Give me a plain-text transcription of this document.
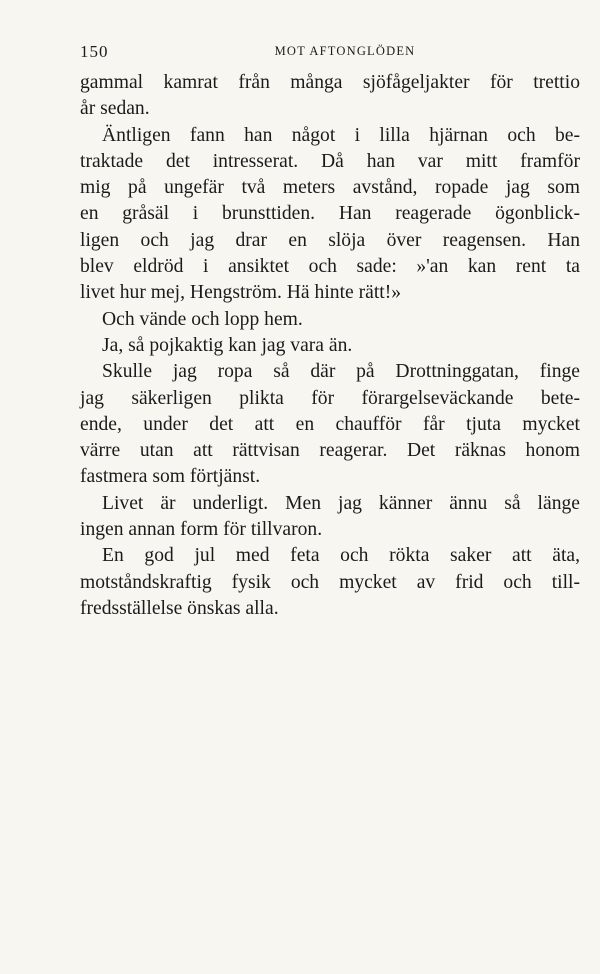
150	MOT AFTONGLÖDEN
gammal kamrat från många sjöfågeljakter för trettio
år sedan.
Äntligen fann han något i lilla hjärnan och be-
traktade det intresserat. Då han var mitt framför
mig på ungefär två meters avstånd, ropade jag som
en gråsäl i brunsttiden. Han reagerade ögonblick-
ligen och jag drar en slöja över reagensen. Han
blev eldröd i ansiktet och sade: »'an kan rent ta
livet hur mej, Hengström. Hä hinte rätt!»
Och vände och lopp hem.
Ja, så pojkaktig kan jag vara än.
Skulle jag ropa så där på Drottninggatan, finge
jag säkerligen plikta för förargelseväckande bete-
ende, under det att en chaufför får tjuta mycket
värre utan att rättvisan reagerar. Det räknas honom
fastmera som förtjänst.
Livet är underligt. Men jag känner ännu så länge
ingen annan form för tillvaron.
En god jul med feta och rökta saker att äta,
motståndskraftig fysik och mycket av frid och till-
fredsställelse önskas alla.
